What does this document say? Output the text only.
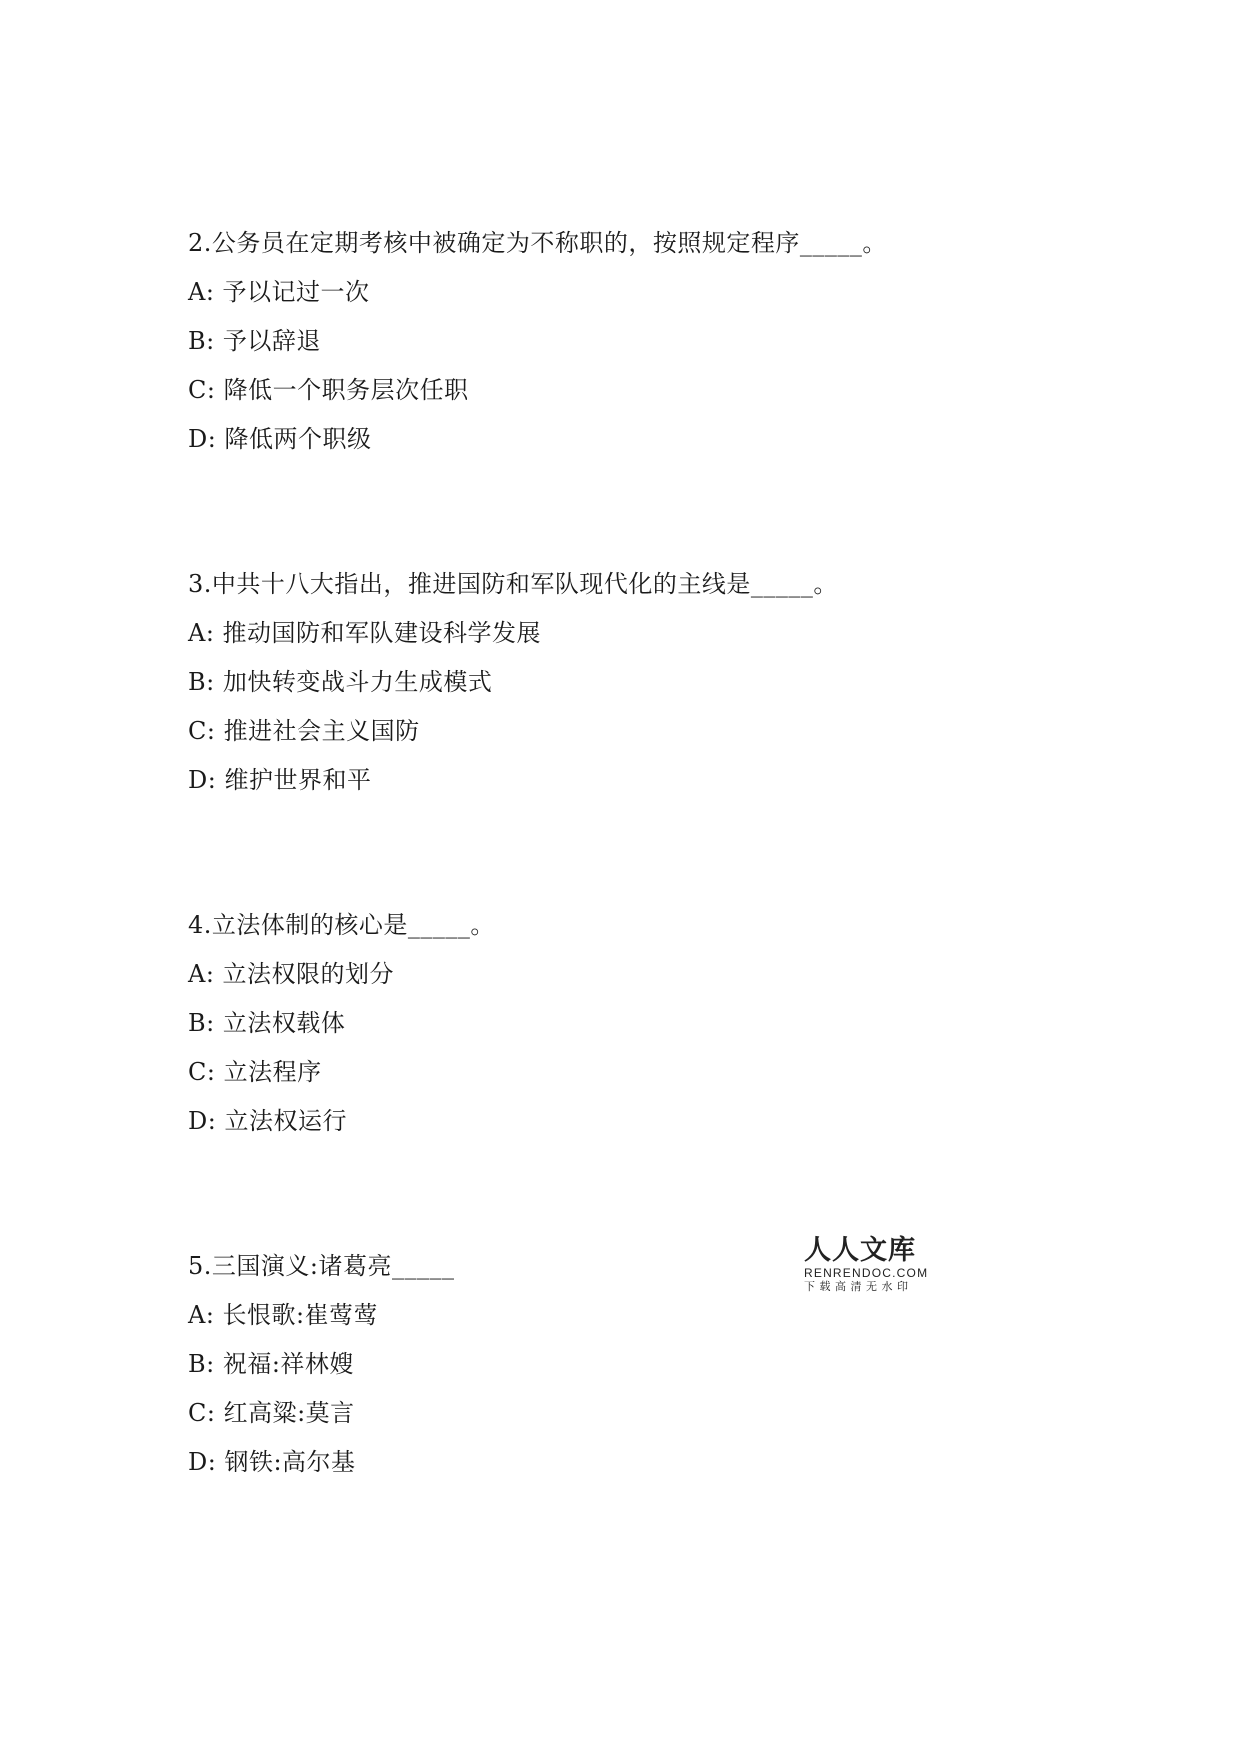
2.公务员在定期考核中被确定为不称职的，按照规定程序_____。
A: 予以记过一次
B: 予以辞退
C: 降低一个职务层次任职
D: 降低两个职级
3.中共十八大指出，推进国防和军队现代化的主线是_____。
A: 推动国防和军队建设科学发展
B: 加快转变战斗力生成模式
C: 推进社会主义国防
D: 维护世界和平
4.立法体制的核心是_____。
A: 立法权限的划分
B: 立法权载体
C: 立法程序
D: 立法权运行
5.三国演义:诸葛亮_____
A: 长恨歌:崔莺莺
B: 祝福:祥林嫂
C: 红高粱:莫言
D: 钢铁:高尔基
人人文库
RENRENDOC.COM
下载高清无水印
